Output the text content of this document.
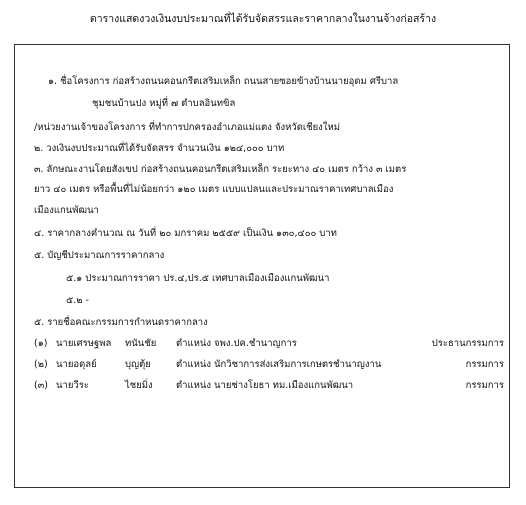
ตารางแสดงวงเงินงบประมาณที่ได้รับจัดสรรและราคากลางในงานจ้างก่อสร้าง
๑. ชื่อโครงการ ก่อสร้างถนนคอนกรีตเสริมเหล็ก ถนนสายซอยข้างบ้านนายอุดม ศรีบาล
ชุมชนบ้านปง หมู่ที่ ๗ ตำบลอินทขิล
/หน่วยงานเจ้าของโครงการ ที่ทำการปกครองอำเภอแม่แตง จังหวัดเชียงใหม่
๒. วงเงินงบประมาณที่ได้รับจัดสรร จำนวนเงิน ๑๒๔,๐๐๐ บาท
๓. ลักษณะงานโดยสังเขป ก่อสร้างถนนคอนกรีตเสริมเหล็ก ระยะทาง ๔๐ เมตร กว้าง ๓ เมตร
ยาว ๔๐ เมตร หรือพื้นที่ไม่น้อยกว่า ๑๒๐ เมตร แบบแปลนและประมาณราคาเทศบาลเมือง
เมืองแกนพัฒนา
๔. ราคากลางคำนวณ ณ วันที่ ๒๐ มกราคม ๒๕๕๙ เป็นเงิน ๑๓๐,๔๐๐ บาท
๕. บัญชีประมาณการราคากลาง
๕.๑ ประมาณการราคา ปร.๔,ปร.๕ เทศบาลเมืองเมืองแกนพัฒนา
๕.๒ -
๕. รายชื่อคณะกรรมการกำหนดราคากลาง
(๑) นายเศรษฐพล ทนันชัย ตำแหน่ง จพง.ปค.ชำนาญการ	ประธานกรรมการ
(๒) นายอดุลย์	บุญตุ้ย	ตำแหน่ง นักวิชาการส่งเสริมการเกษตรชำนาญงาน	กรรมการ
(๓) นายวีระ	ไชยมิ่ง ตำแหน่ง นายช่างโยธา ทม.เมืองแกนพัฒนา	กรรมการ
